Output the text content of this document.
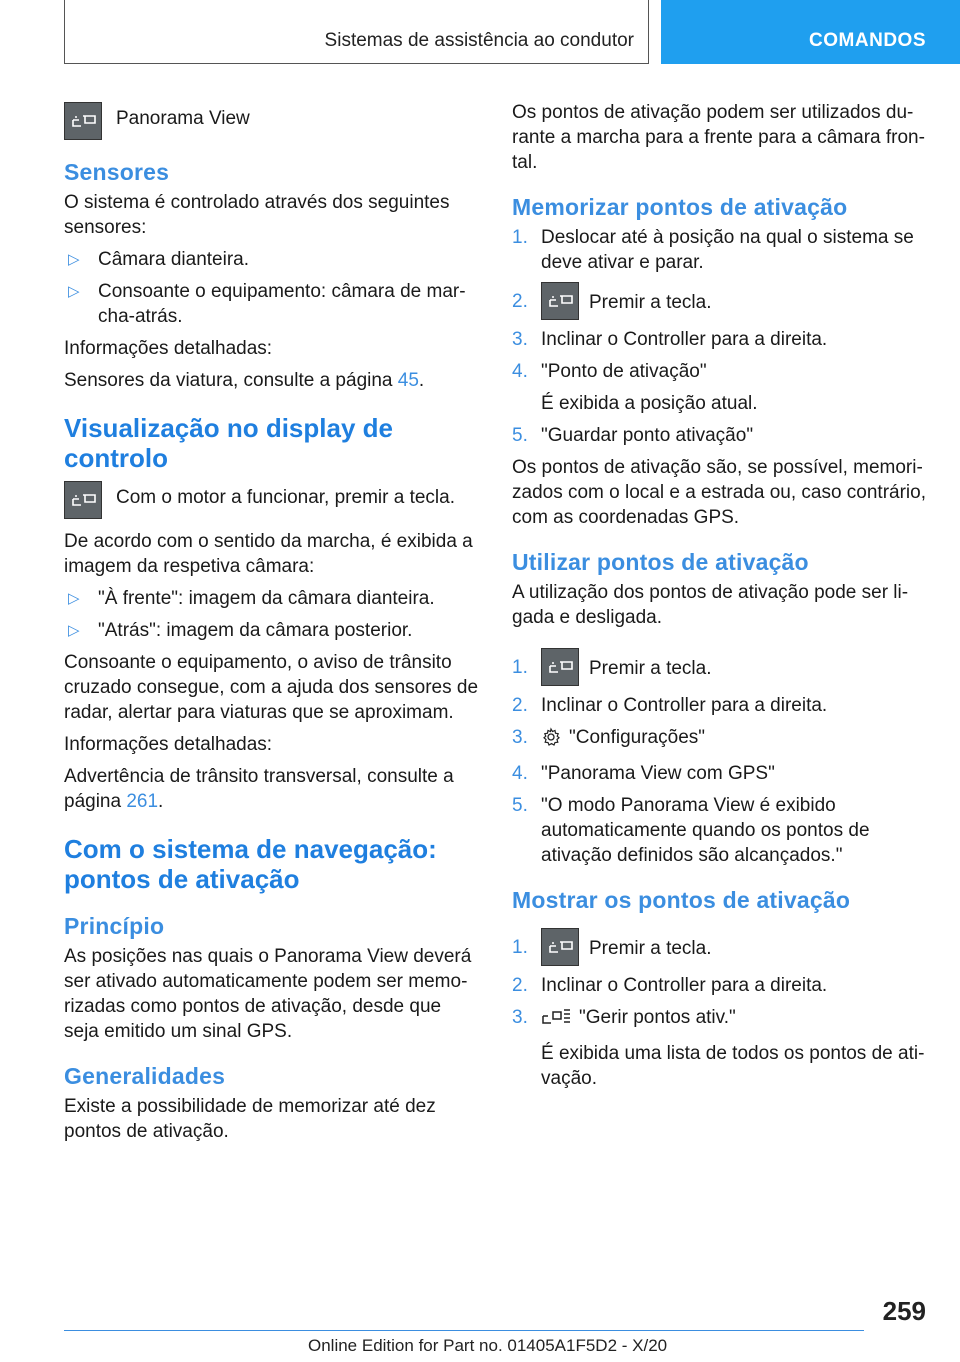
Sistemas de assistência ao condutor	COMANDOS
Panorama View
Sensores

O sistema é controlado através dos seguintes sensores:

▷ Câmara dianteira.
▷ Consoante o equipamento: câmara de marcha-atrás.

Informações detalhadas:

Sensores da viatura, consulte a página 45.

Visualização no display de controlo
Com o motor a funcionar, premir a tecla.

De acordo com o sentido da marcha, é exibida a imagem da respetiva câmara:

▷ "À frente": imagem da câmara dianteira.
▷ "Atrás": imagem da câmara posterior.

Consoante o equipamento, o aviso de trânsito cruzado consegue, com a ajuda dos sensores de radar, alertar para viaturas que se aproximam.

Informações detalhadas:

Advertência de trânsito transversal, consulte a página 261.

Com o sistema de navegação: pontos de ativação
Princípio

As posições nas quais o Panorama View deverá ser ativado automaticamente podem ser memorizadas como pontos de ativação, desde que seja emitido um sinal GPS.

Generalidades

Existe a possibilidade de memorizar até dez pontos de ativação.

Os pontos de ativação podem ser utilizados durante a marcha para a frente para a câmara frontal.

Memorizar pontos de ativação
1. Deslocar até à posição na qual o sistema se deve ativar e parar.
2.	Premir a tecla.
3. Inclinar o Controller para a direita.
4. "Ponto de ativação"
É exibida a posição atual.
5. "Guardar ponto ativação"

Os pontos de ativação são, se possível, memorizados com o local e a estrada ou, caso contrário, com as coordenadas GPS.

Utilizar pontos de ativação

A utilização dos pontos de ativação pode ser ligada e desligada.

1.	Premir a tecla.
2. Inclinar o Controller para a direita.
3.	"Configurações"
4. "Panorama View com GPS"
5. "O modo Panorama View é exibido automaticamente quando os pontos de ativação definidos são alcançados."
Mostrar os pontos de ativação
1.	Premir a tecla.
2. Inclinar o Controller para a direita.
3.	"Gerir pontos ativ."
É exibida uma lista de todos os pontos de ativação.
259
Online Edition for Part no. 01405A1F5D2 - X/20
